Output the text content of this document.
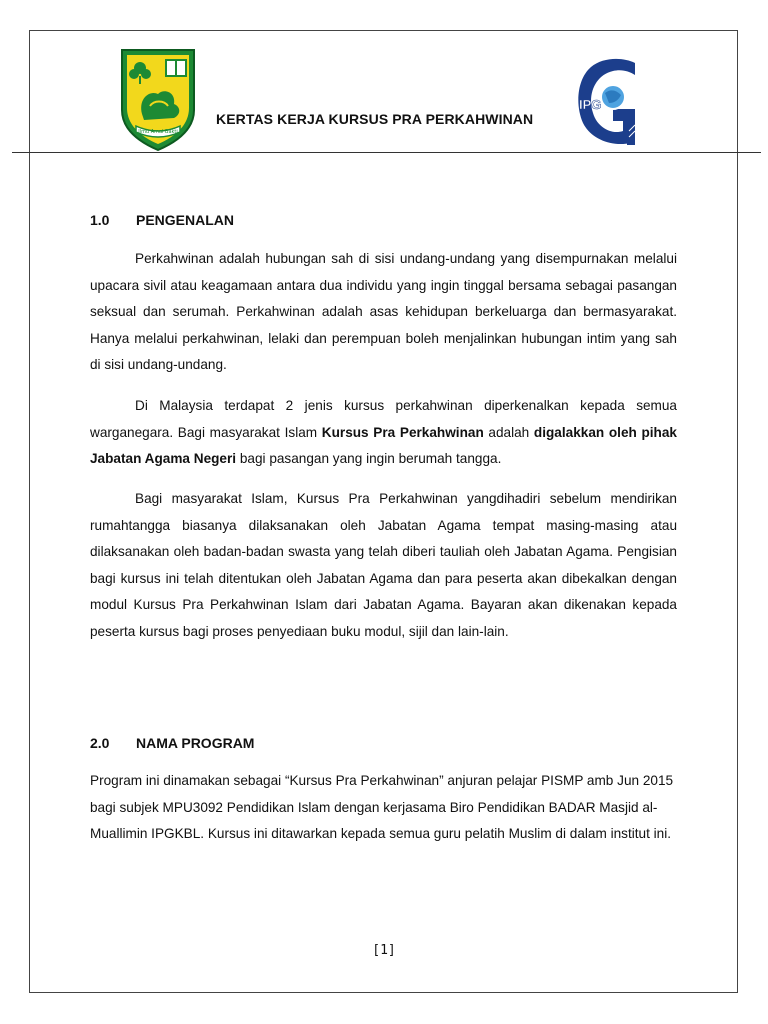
Ilmu Amal Bakti
KERTAS KERJA KURSUS PRA PERKAHWINAN
IPG
1.0 PENGENALAN

Perkahwinan adalah hubungan sah di sisi undang-undang yang disempurnakan melalui upacara sivil atau keagamaan antara dua individu yang ingin tinggal bersama sebagai pasangan seksual dan serumah. Perkahwinan adalah asas kehidupan berkeluarga dan bermasyarakat. Hanya melalui perkahwinan, lelaki dan perempuan boleh menjalinkan hubungan intim yang sah di sisi undang-undang.

Di Malaysia terdapat 2 jenis kursus perkahwinan diperkenalkan kepada semua warganegara. Bagi masyarakat Islam Kursus Pra Perkahwinan adalah digalakkan oleh pihak Jabatan Agama Negeri bagi pasangan yang ingin berumah tangga.

Bagi masyarakat Islam, Kursus Pra Perkahwinan yangdihadiri sebelum mendirikan rumahtangga biasanya dilaksanakan oleh Jabatan Agama tempat masing-masing atau dilaksanakan oleh badan-badan swasta yang telah diberi tauliah oleh Jabatan Agama. Pengisian bagi kursus ini telah ditentukan oleh Jabatan Agama dan para peserta akan dibekalkan dengan modul Kursus Pra Perkahwinan Islam dari Jabatan Agama. Bayaran akan dikenakan kepada peserta kursus bagi proses penyediaan buku modul, sijil dan lain-lain.

2.0 NAMA PROGRAM

Program ini dinamakan sebagai “Kursus Pra Perkahwinan” anjuran pelajar PISMP amb Jun 2015 bagi subjek MPU3092 Pendidikan Islam dengan kerjasama Biro Pendidikan BADAR Masjid al-Muallimin IPGKBL. Kursus ini ditawarkan kepada semua guru pelatih Muslim di dalam institut ini.

[1]
